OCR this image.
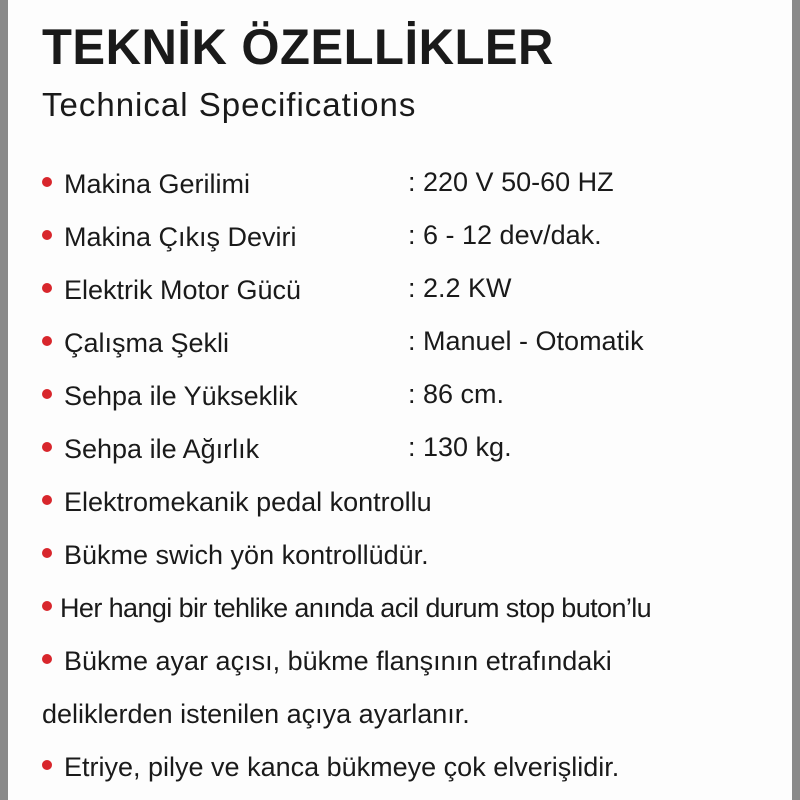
TEKNİK ÖZELLİKLER
Technical Specifications
Makina Gerilimi	: 220 V 50-60 HZ
Makina Çıkış Deviri	: 6 - 12 dev/dak.
Elektrik Motor Gücü	: 2.2 KW
Çalışma Şekli	: Manuel - Otomatik
Sehpa ile Yükseklik	: 86 cm.
Sehpa ile Ağırlık	: 130 kg.
Elektromekanik pedal kontrollu
Bükme swich yön kontrollüdür.
Her hangi bir tehlike anında acil durum stop buton’lu
Bükme ayar açısı, bükme flanşının etrafındaki
deliklerden istenilen açıya ayarlanır.
Etriye, pilye ve kanca bükmeye çok elverişlidir.
